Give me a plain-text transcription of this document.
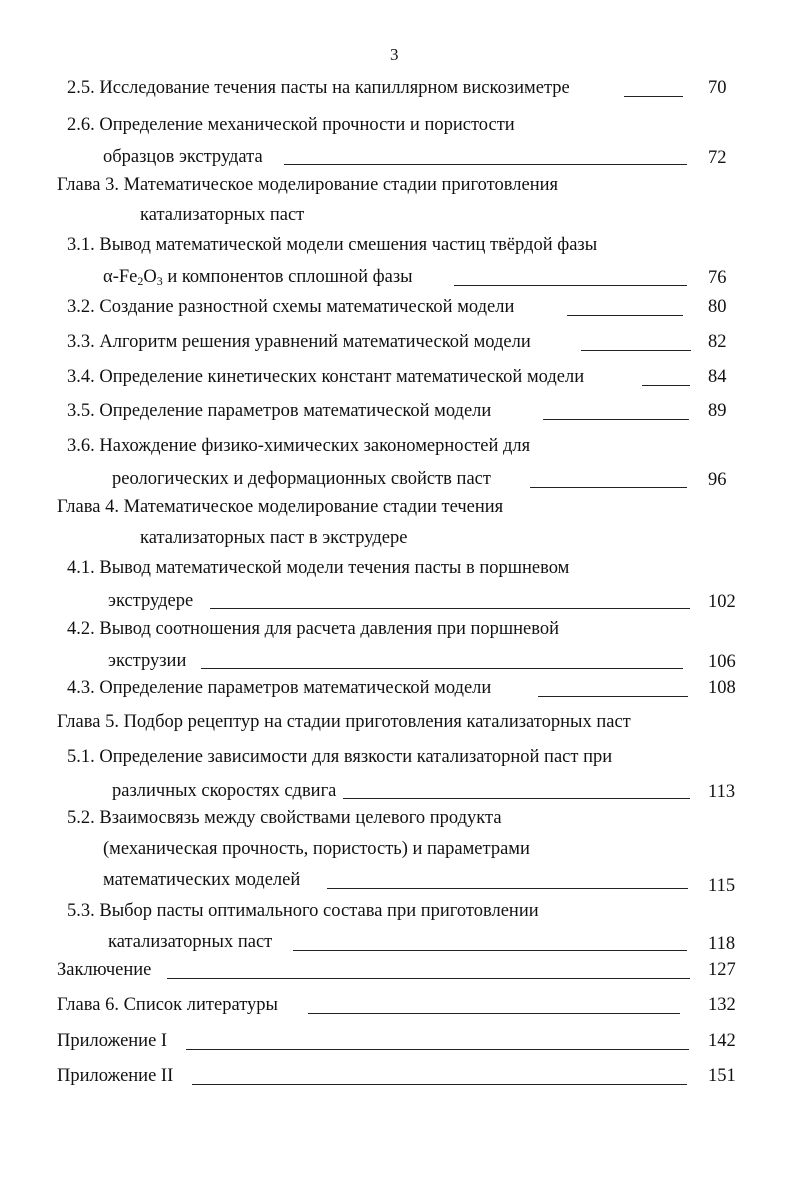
3
2.5. Исследование течения пасты на капиллярном вискозиметре	70
2.6. Определение механической прочности и пористости
образцов экструдата	72
Глава 3. Математическое моделирование стадии приготовления
катализаторных паст
3.1. Вывод математической модели смешения частиц твёрдой фазы
$\alpha-Fe_2O_3$ и компонентов сплошной фазы	76
3.2. Создание разностной схемы математической модели	80
3.3. Алгоритм решения уравнений математической модели	82
3.4. Определение кинетических констант математической модели	84
3.5. Определение параметров математической модели	89
3.6. Нахождение физико-химических закономерностей для
реологических и деформационных свойств паст	96
Глава 4. Математическое моделирование стадии течения
катализаторных паст в экструдере
4.1. Вывод математической модели течения пасты в поршневом
экструдере	102
4.2. Вывод соотношения для расчета давления при поршневой
экструзии	106
4.3. Определение параметров математической модели	108
Глава 5. Подбор рецептур на стадии приготовления катализаторных паст
5.1. Определение зависимости для вязкости катализаторной паст при
различных скоростях сдвига	113
5.2. Взаимосвязь между свойствами целевого продукта
(механическая прочность, пористость) и параметрами
математических моделей	115
5.3. Выбор пасты оптимального состава при приготовлении
катализаторных паст	118
Заключение	127
Глава 6. Список литературы	132
Приложение I	142
Приложение II	151
